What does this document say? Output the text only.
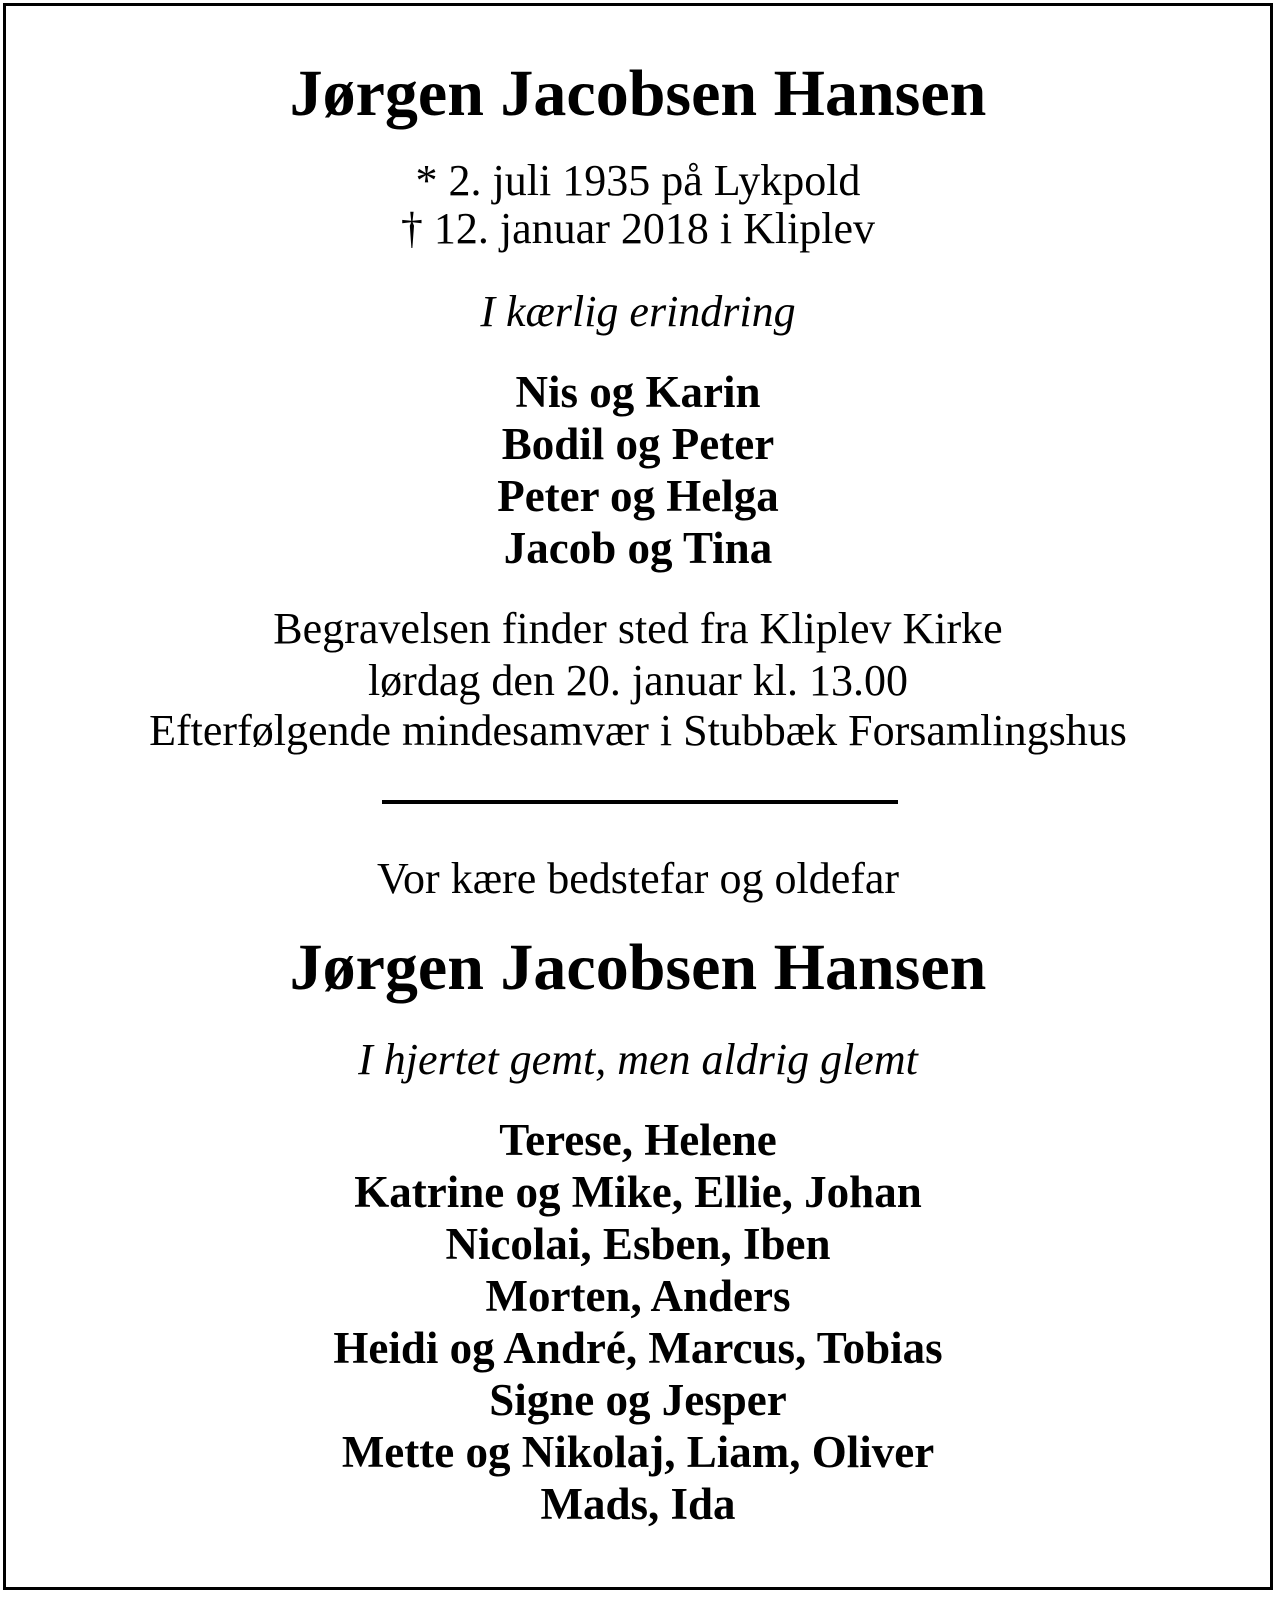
Jørgen Jacobsen Hansen

* 2. juli 1935 på Lykpold

† 12. januar 2018 i Kliplev

I kærlig erindring

Nis og Karin

Bodil og Peter

Peter og Helga

Jacob og Tina

Begravelsen finder sted fra Kliplev Kirke

lørdag den 20. januar kl. 13.00

Efterfølgende mindesamvær i Stubbæk Forsamlingshus

Vor kære bedstefar og oldefar

Jørgen Jacobsen Hansen

I hjertet gemt, men aldrig glemt

Terese, Helene

Katrine og Mike, Ellie, Johan

Nicolai, Esben, Iben

Morten, Anders

Heidi og André, Marcus, Tobias

Signe og Jesper

Mette og Nikolaj, Liam, Oliver

Mads, Ida
